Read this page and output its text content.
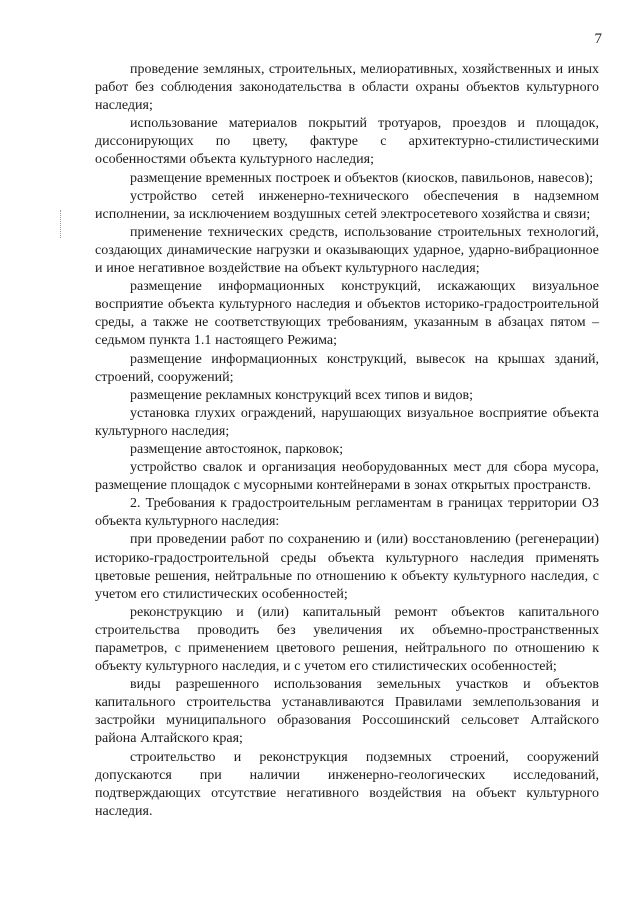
7

проведение земляных, строительных, мелиоративных, хозяйственных и иных работ без соблюдения законодательства в области охраны объектов культурного наследия;

использование материалов покрытий тротуаров, проездов и площадок, диссонирующих по цвету, фактуре с архитектурно-стилистическими особенностями объекта культурного наследия;

размещение временных построек и объектов (киосков, павильонов, навесов);

устройство сетей инженерно-технического обеспечения в надземном исполнении, за исключением воздушных сетей электросетевого хозяйства и связи;

применение технических средств, использование строительных технологий, создающих динамические нагрузки и оказывающих ударное, ударно-вибрационное и иное негативное воздействие на объект культурного наследия;

размещение информационных конструкций, искажающих визуальное восприятие объекта культурного наследия и объектов историко-градостроительной среды, а также не соответствующих требованиям, указанным в абзацах пятом – седьмом пункта 1.1 настоящего Режима;

размещение информационных конструкций, вывесок на крышах зданий, строений, сооружений;

размещение рекламных конструкций всех типов и видов;

установка глухих ограждений, нарушающих визуальное восприятие объекта культурного наследия;

размещение автостоянок, парковок;

устройство свалок и организация необорудованных мест для сбора мусора, размещение площадок с мусорными контейнерами в зонах открытых пространств.

2. Требования к градостроительным регламентам в границах территории ОЗ объекта культурного наследия:

при проведении работ по сохранению и (или) восстановлению (регенерации) историко-градостроительной среды объекта культурного наследия применять цветовые решения, нейтральные по отношению к объекту культурного наследия, с учетом его стилистических особенностей;

реконструкцию и (или) капитальный ремонт объектов капитального строительства проводить без увеличения их объемно-пространственных параметров, с применением цветового решения, нейтрального по отношению к объекту культурного наследия, и с учетом его стилистических особенностей;

виды разрешенного использования земельных участков и объектов капитального строительства устанавливаются Правилами землепользования и застройки муниципального образования Россошинский сельсовет Алтайского района Алтайского края;

строительство и реконструкция подземных строений, сооружений допускаются при наличии инженерно-геологических исследований, подтверждающих отсутствие негативного воздействия на объект культурного наследия.
